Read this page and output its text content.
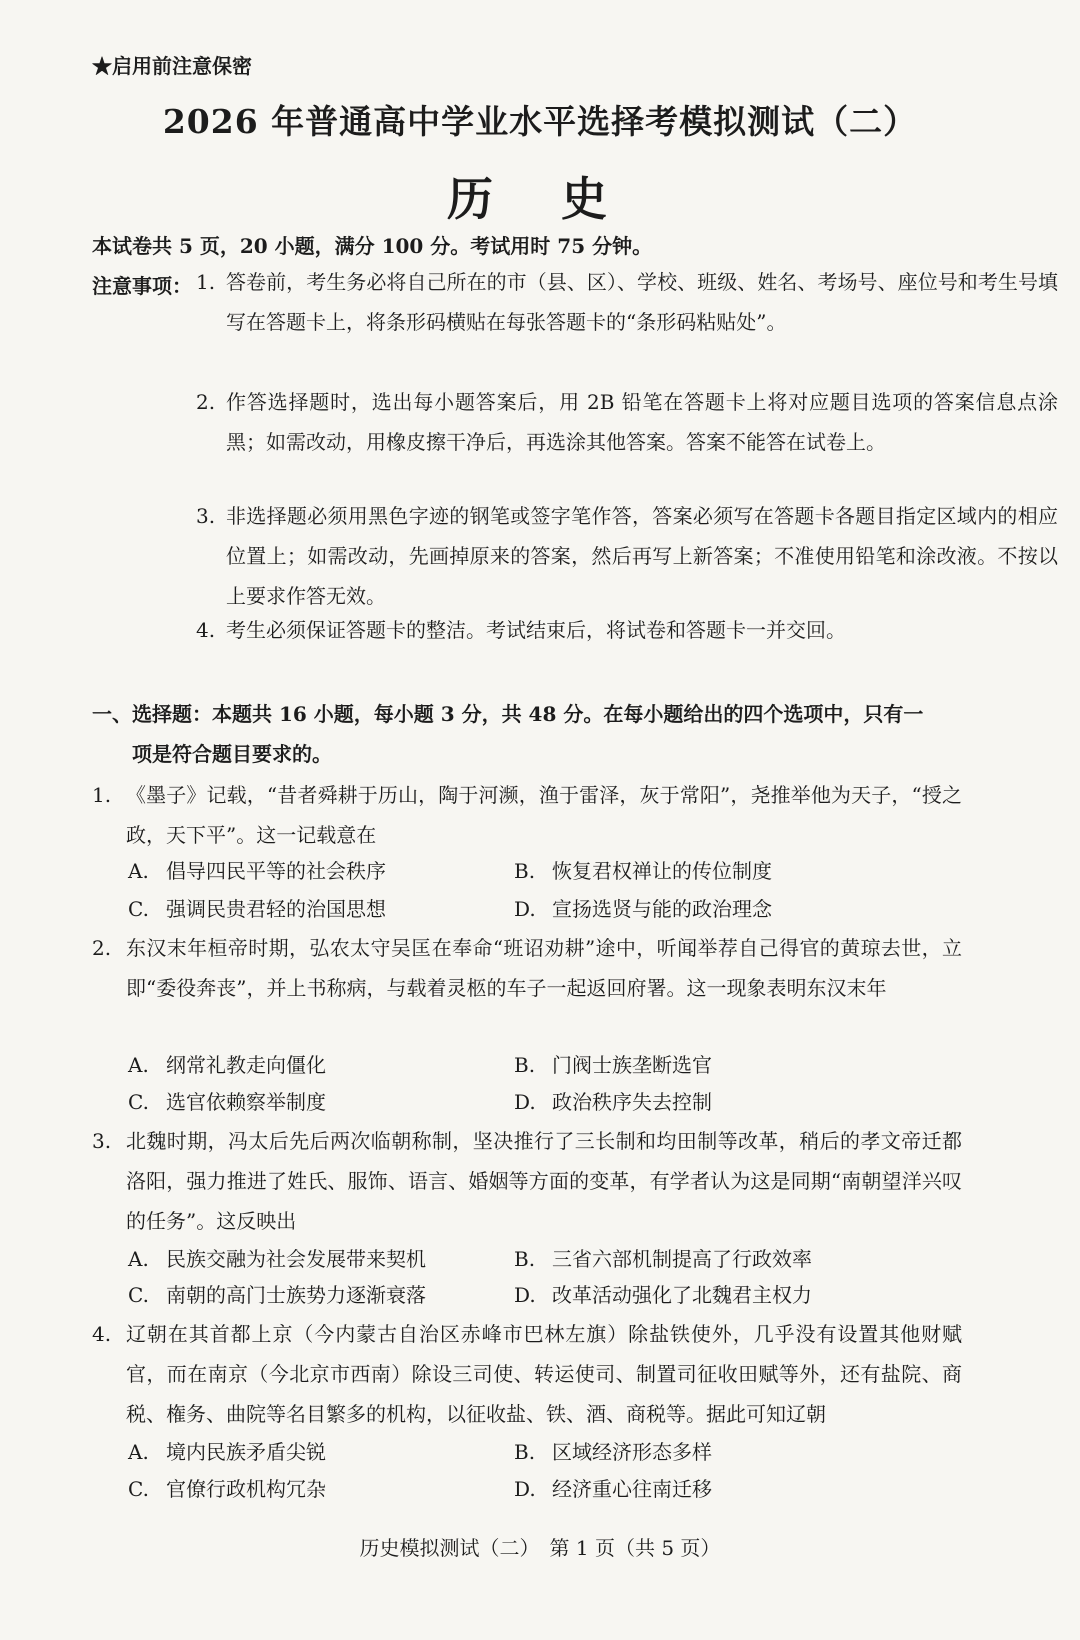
★启用前注意保密
2026 年普通高中学业水平选择考模拟测试（二）
历 史
本试卷共 5 页，20 小题，满分 100 分。考试用时 75 分钟。
注意事项： 1. 答卷前，考生务必将自己所在的市（县、区）、学校、班级、姓名、考场号、座位号和考生号填写在答题卡上，将条形码横贴在每张答题卡的“条形码粘贴处”。
2. 作答选择题时，选出每小题答案后，用 2B 铅笔在答题卡上将对应题目选项的答案信息点涂黑；如需改动，用橡皮擦干净后，再选涂其他答案。答案不能答在试卷上。
3. 非选择题必须用黑色字迹的钢笔或签字笔作答，答案必须写在答题卡各题目指定区域内的相应位置上；如需改动，先画掉原来的答案，然后再写上新答案；不准使用铅笔和涂改液。不按以上要求作答无效。
4. 考生必须保证答题卡的整洁。考试结束后，将试卷和答题卡一并交回。
一、选择题：本题共 16 小题，每小题 3 分，共 48 分。在每小题给出的四个选项中，只有一
项是符合题目要求的。
1. 《墨子》记载，“昔者舜耕于历山，陶于河濒，渔于雷泽，灰于常阳”，尧推举他为天子，“授之政，天下平”。这一记载意在
A. 倡导四民平等的社会秩序	B. 恢复君权禅让的传位制度
C. 强调民贵君轻的治国思想	D. 宣扬选贤与能的政治理念
2. 东汉末年桓帝时期，弘农太守吴匡在奉命“班诏劝耕”途中，听闻举荐自己得官的黄琼去世，立即“委役奔丧”，并上书称病，与载着灵柩的车子一起返回府署。这一现象表明东汉末年
A. 纲常礼教走向僵化	B. 门阀士族垄断选官
C. 选官依赖察举制度	D. 政治秩序失去控制
3. 北魏时期，冯太后先后两次临朝称制，坚决推行了三长制和均田制等改革，稍后的孝文帝迁都洛阳，强力推进了姓氏、服饰、语言、婚姻等方面的变革，有学者认为这是同期“南朝望洋兴叹的任务”。这反映出
A. 民族交融为社会发展带来契机	B. 三省六部机制提高了行政效率
C. 南朝的高门士族势力逐渐衰落	D. 改革活动强化了北魏君主权力
4. 辽朝在其首都上京（今内蒙古自治区赤峰市巴林左旗）除盐铁使外，几乎没有设置其他财赋官，而在南京（今北京市西南）除设三司使、转运使司、制置司征收田赋等外，还有盐院、商税、権务、曲院等名目繁多的机构，以征收盐、铁、酒、商税等。据此可知辽朝
A. 境内民族矛盾尖锐	B. 区域经济形态多样
C. 官僚行政机构冗杂	D. 经济重心往南迁移
历史模拟测试（二）　第 1 页（共 5 页）
